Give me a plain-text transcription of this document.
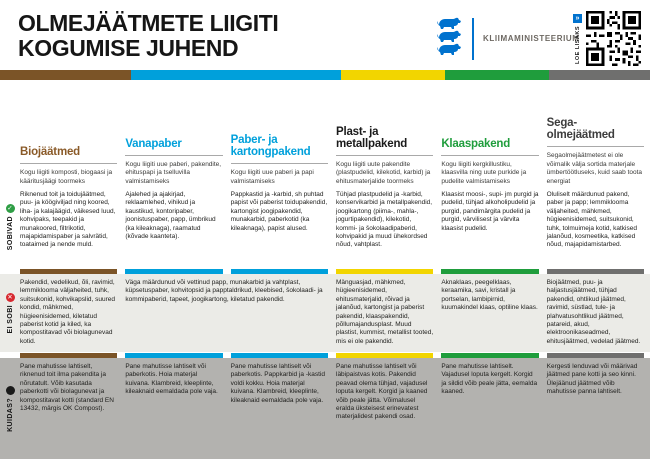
OLMEJÄÄTMETE LIIGITI
KOGUMISE JUHEND	KLIIMAMINISTEERIUM
»
LOE LISAKS
Biojäätmed

Kogu liigiti komposti, biogaasi ja kääritusjäägi toormeks

Vanapaber

Kogu liigiti uue paberi, pakendite, ehituspapi ja tselluvilla valmistamiseks

Paber- ja kartongpakend

Kogu liigiti uue paberi ja papi valmistamiseks

Plast- ja metallpakend

Kogu liigiti uute pakendite (plastpudelid, kilekotid, karbid) ja ehitusmaterjalide toormeks

Klaaspakend

Kogu liigiti kergkillustiku, klaasvilla ning uute purkide ja pudelite valmistamiseks

Sega-olmejäätmed

Segaolmejäätmetest ei ole võimalik välja sortida materjale ümbertöötluseks, kuid saab toota energiat

✓
SOBIVAD

Riknenud toit ja toidujäätmed, puu- ja köögiviljad ning koored, liha- ja kalajäägid, väikesed luud, kohvipaks, teepakid ja munakoored, filtrikotid, majapidamispaber ja salvrätid, toataimed ja nende muld.

Ajalehed ja ajakirjad, reklaamlehed, vihikud ja kaustikud, kontoripaber, joonistuspaber, papp, ümbrikud (ka kileaknaga), raamatud (kõvade kaanteta).

Pappkastid ja -karbid, sh puhtad papist või paberist toidupakendid, kartongist joogipakendid, munakarbid, paberkotid (ka kileaknaga), papist alused.

Tühjad plastpudelid ja -karbid, konservikarbid ja metallpakendid, joogikartong (piima-, mahla-, jogurtipakendid), kilekotid, kommi- ja šokolaadipaberid, kohvipakid ja muud ühekordsed nõud, vahtplast.

Klaasist moosi-, supi- jm purgid ja pudelid, tühjad alkoholipudelid ja purgid, pandimärgita pudelid ja purgid, värvilisest ja värvita klaasist pudelid.

Oluliselt määrdunud pakend, paber ja papp; lemmiklooma väljaheited, mähkmed, hügieenisidemed, suitsukonid, tuhk, tolmuimeja kotid, katkised jalanõud, kosmeetika, katkised nõud, majapidamistarbed.

✕
EI SOBI

Pakendid, vedelikud, õli, ravimid, lemmiklooma väljaheited, tuhk, suitsukonid, kohvikapslid, suured kondid, mähkmed, hügieenisidemed, kiletatud paberist kotid ja kiled, ka kompostitavad või biolagunevad kotid.

Väga määrdunud või vettinud papp, munakarbid ja vahtplast, küpsetuspaber, kohvitopsid ja papptaldrikud, kleebised, šokolaadi- ja kommipaberid, tapeet, joogikartong, kiletatud pakendid.

Mänguasjad, mähkmed, hügieenisidemed, ehitusmaterjalid, rõivad ja jalanõud, kartongist ja paberist pakendid, klaaspakendid, põllumajandusplast. Muud plastist, kummist, metallist tooted, mis ei ole pakendid.

Aknaklaas, peegelklaas, keraamika, savi, kristall ja portselan, lambipirnid, kuumakindel klaas, optiline klaas.

Biojäätmed, puu- ja haljastusjäätmed, tühjad pakendid, ohtlikud jäätmed, ravimid, süstlad, tule- ja plahvatusohtlikud jäätmed, patareid, akud, elektroonikaseadmed, ehitusjäätmed, vedelad jäätmed.

KUIDAS?

Pane mahutisse lahtiselt, riknenud toit ilma pakendita ja nõrutatult. Võib kasutada paberkotti või biolagunevat ja kompostitavat kotti (standard EN 13432, märgis OK Compost).

Pane mahutisse lahtiselt või paberkotis. Hoia materjal kuivana. Klambreid, kleeplinte, kileaknaid eemaldada pole vaja.

Pane mahutisse lahtiselt või paberkotis. Pappkarbid ja -kastid voldi kokku. Hoia materjal kuivana. Klambreid, kleeplinte, kileaknaid eemaldada pole vaja.

Pane mahutisse lahtiselt või läbipaistvas kotis. Pakendid peavad olema tühjad, vajadusel loputa kergelt. Korgid ja kaaned võib peale jätta. Võimalusel eralda üksteisest erinevatest materjalidest pakendi osad.

Pane mahutisse lahtiselt. Vajadusel loputa kergelt. Korgid ja sildid võib peale jätta, eemalda kaaned.

Kergesti lenduvad või määrivad jäätmed pane kotti ja seo kinni. Ülejäänud jäätmed võib mahutisse panna lahtiselt.
